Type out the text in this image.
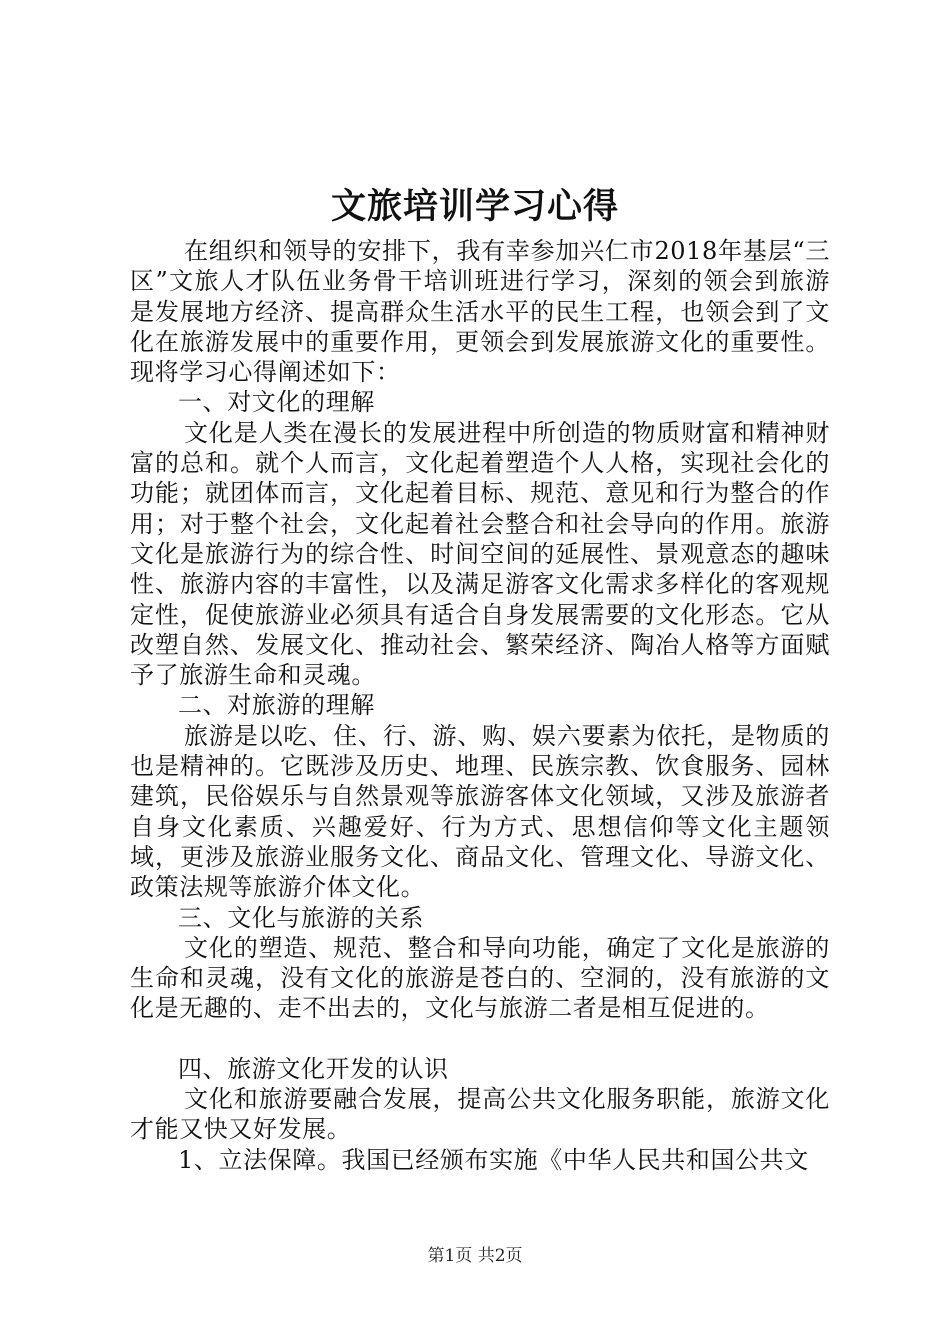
文旅培训学习心得

在组织和领导的安排下，我有幸参加兴仁市2018年基层“三区”文旅人才队伍业务骨干培训班进行学习，深刻的领会到旅游是发展地方经济、提高群众生活水平的民生工程，也领会到了文化在旅游发展中的重要作用，更领会到发展旅游文化的重要性。现将学习心得阐述如下：

一、对文化的理解

文化是人类在漫长的发展进程中所创造的物质财富和精神财富的总和。就个人而言，文化起着塑造个人人格，实现社会化的功能；就团体而言，文化起着目标、规范、意见和行为整合的作用；对于整个社会，文化起着社会整合和社会导向的作用。旅游文化是旅游行为的综合性、时间空间的延展性、景观意态的趣味性、旅游内容的丰富性，以及满足游客文化需求多样化的客观规定性，促使旅游业必须具有适合自身发展需要的文化形态。它从改塑自然、发展文化、推动社会、繁荣经济、陶冶人格等方面赋予了旅游生命和灵魂。

二、对旅游的理解

旅游是以吃、住、行、游、购、娱六要素为依托，是物质的也是精神的。它既涉及历史、地理、民族宗教、饮食服务、园林建筑，民俗娱乐与自然景观等旅游客体文化领域，又涉及旅游者自身文化素质、兴趣爱好、行为方式、思想信仰等文化主题领域，更涉及旅游业服务文化、商品文化、管理文化、导游文化、政策法规等旅游介体文化。

三、文化与旅游的关系

文化的塑造、规范、整合和导向功能，确定了文化是旅游的生命和灵魂，没有文化的旅游是苍白的、空洞的，没有旅游的文化是无趣的、走不出去的，文化与旅游二者是相互促进的。

四、旅游文化开发的认识

文化和旅游要融合发展，提高公共文化服务职能，旅游文化才能又快又好发展。

1、立法保障。我国已经颁布实施《中华人民共和国公共文

第1页 共2页
